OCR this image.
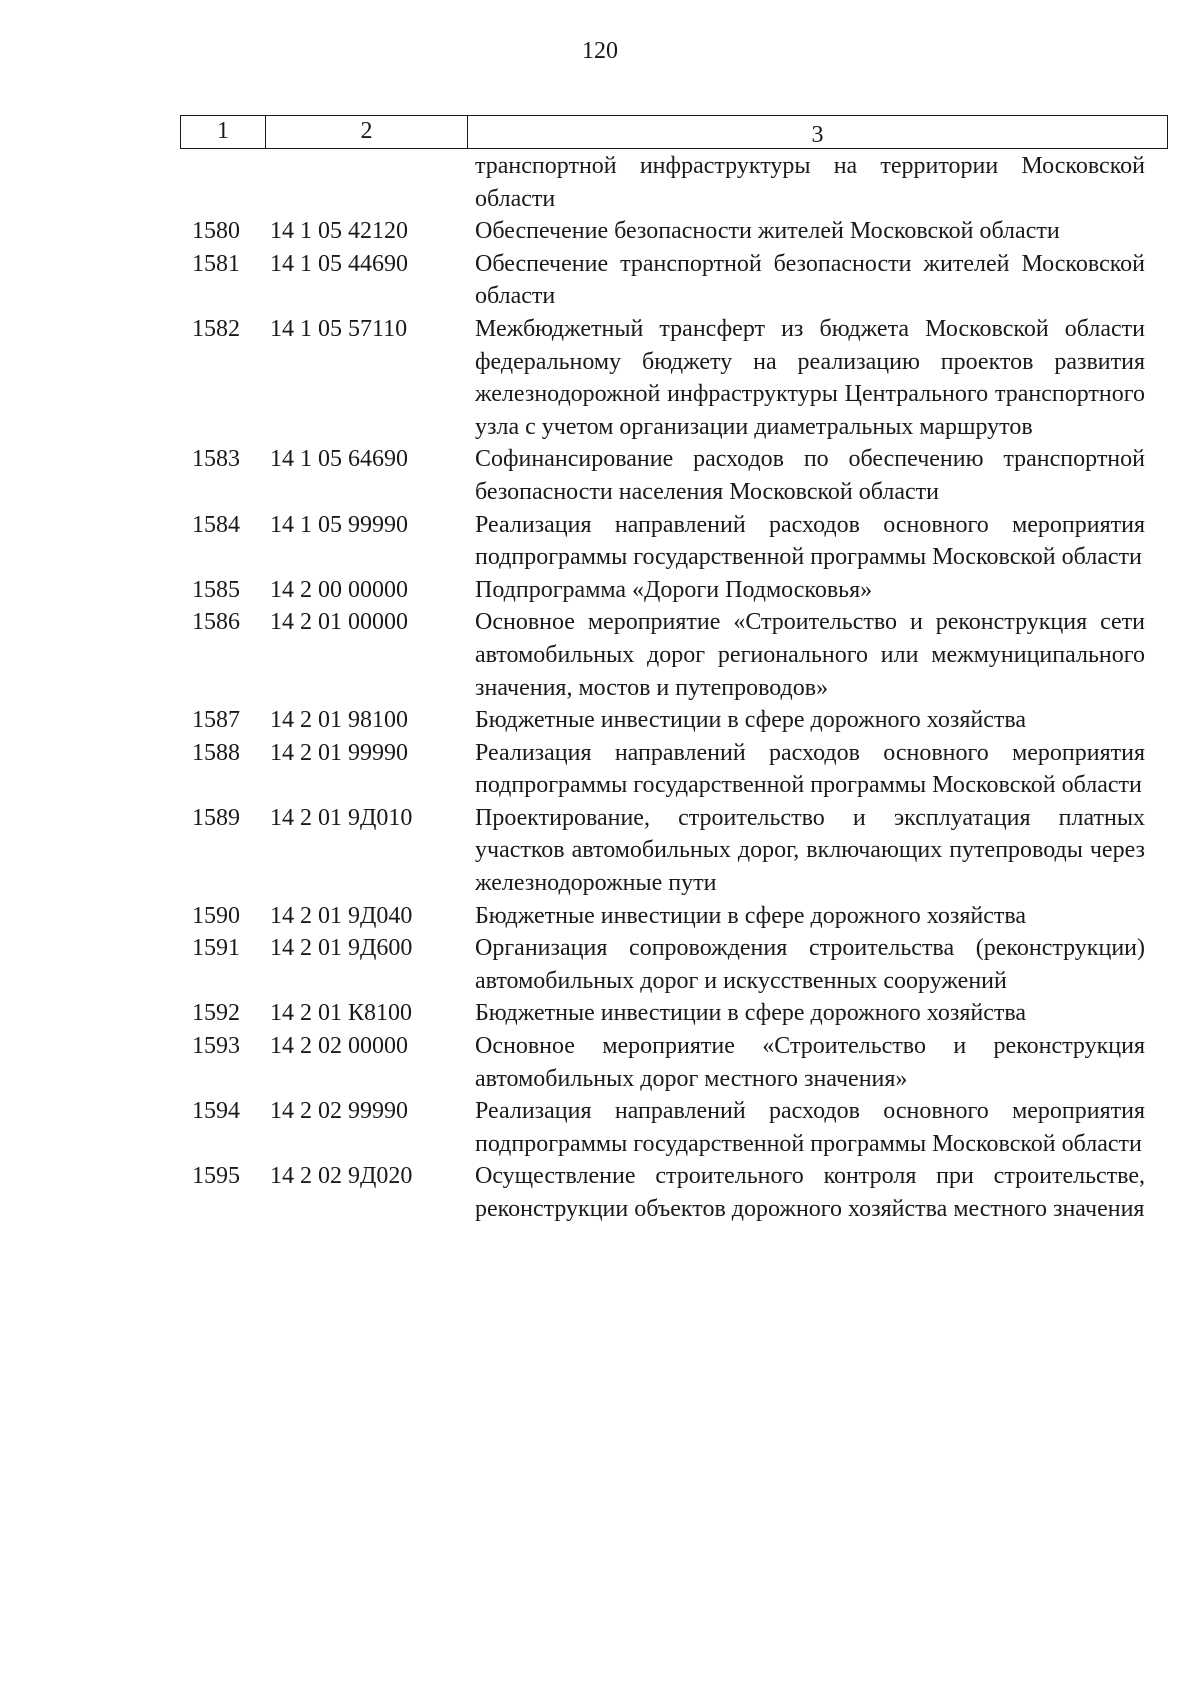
120
1	2	3
транспортной инфраструктуры на территории Московской области
1580	14 1 05 42120	Обеспечение безопасности жителей Московской области
1581	14 1 05 44690	Обеспечение транспортной безопасности жителей Московской области
1582	14 1 05 57110	Межбюджетный трансферт из бюджета Московской области федеральному бюджету на реализацию проектов развития железнодорожной инфраструктуры Центрального транспортного узла с учетом организации диаметральных маршрутов
1583	14 1 05 64690	Софинансирование расходов по обеспечению транспортной безопасности населения Московской области
1584	14 1 05 99990	Реализация направлений расходов основного мероприятия подпрограммы государственной программы Московской области
1585	14 2 00 00000	Подпрограмма «Дороги Подмосковья»
1586	14 2 01 00000	Основное мероприятие «Строительство и реконструкция сети автомобильных дорог регионального или межмуниципального значения, мостов и путепроводов»
1587	14 2 01 98100	Бюджетные инвестиции в сфере дорожного хозяйства
1588	14 2 01 99990	Реализация направлений расходов основного мероприятия подпрограммы государственной программы Московской области
1589	14 2 01 9Д010	Проектирование, строительство и эксплуатация платных участков автомобильных дорог, включающих путепроводы через железнодорожные пути
1590	14 2 01 9Д040	Бюджетные инвестиции в сфере дорожного хозяйства
1591	14 2 01 9Д600	Организация сопровождения строительства (реконструкции) автомобильных дорог и искусственных сооружений
1592	14 2 01 К8100	Бюджетные инвестиции в сфере дорожного хозяйства
1593	14 2 02 00000	Основное мероприятие «Строительство и реконструкция автомобильных дорог местного значения»
1594	14 2 02 99990	Реализация направлений расходов основного мероприятия подпрограммы государственной программы Московской области
1595	14 2 02 9Д020	Осуществление строительного контроля при строительстве, реконструкции объектов дорожного хозяйства местного значения
